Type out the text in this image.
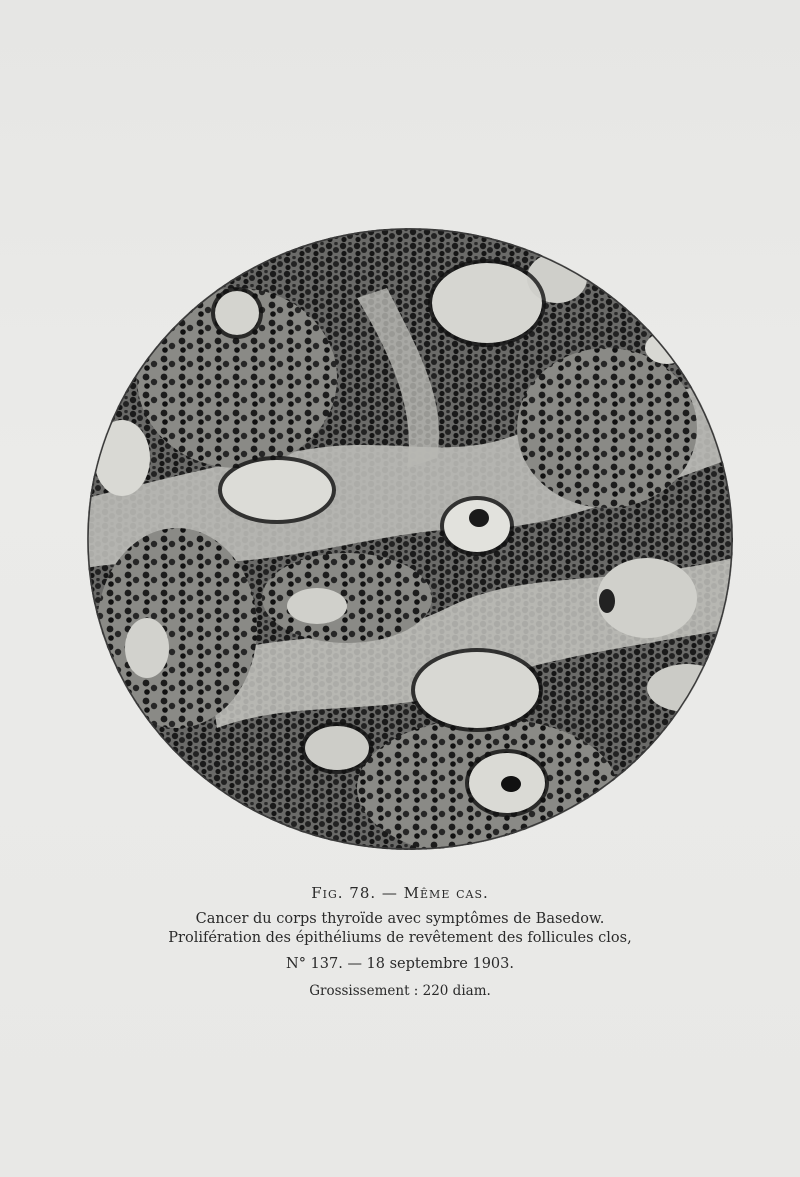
Fig. 78. — Même cas.
Cancer du corps thyroïde avec symptômes de Basedow.
Prolifération des épithéliums de revêtement des follicules clos,
N° 137. — 18 septembre 1903.
Grossissement : 220 diam.
